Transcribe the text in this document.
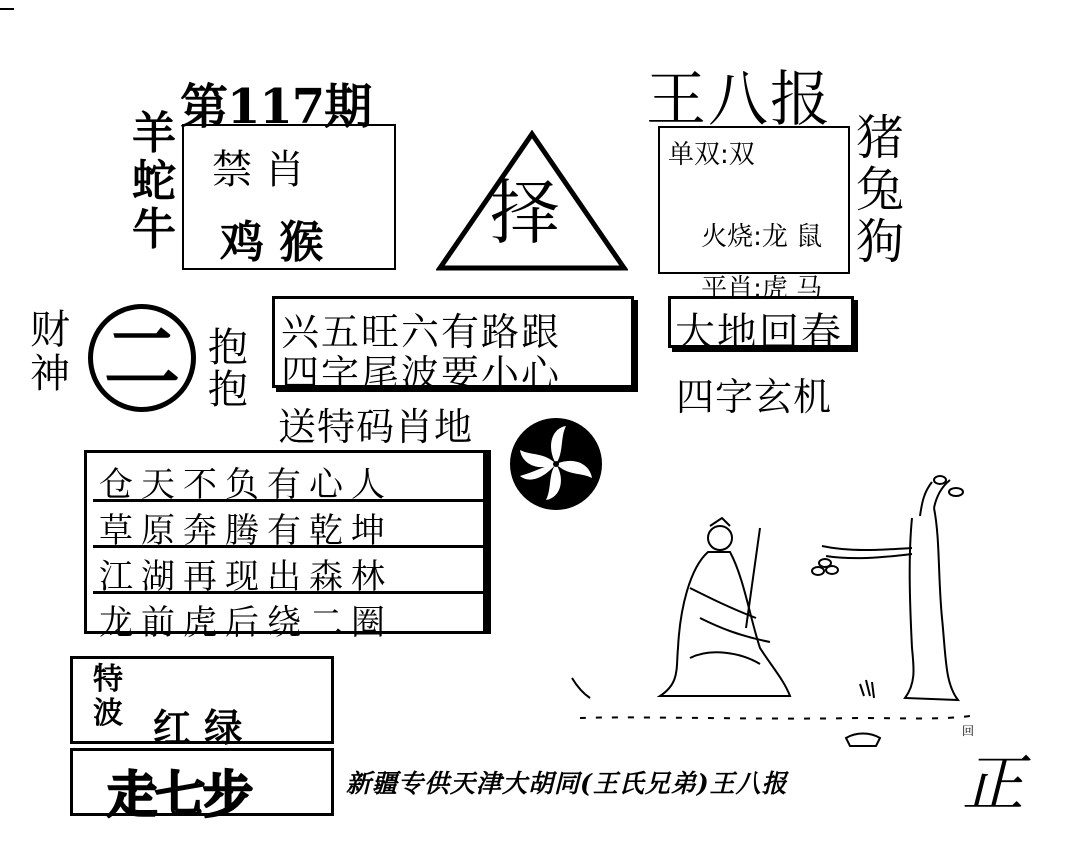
第117期
羊
蛇
牛
禁 肖
鸡 猴 择
王八报
单双:双

火烧:龙 鼠

平肖:虎 马

猪
兔
狗
财
神 二 抱
抱
兴五旺六有路跟
四字尾波要小心
送特码肖地
大地回春
四字玄机
仓天不负有心人
草原奔腾有乾坤
江湖再现出森林
龙前虎后绕二圈
特
波 红 绿
走七步	新疆专供天津大胡同(王氏兄弟)王八报	正
回
